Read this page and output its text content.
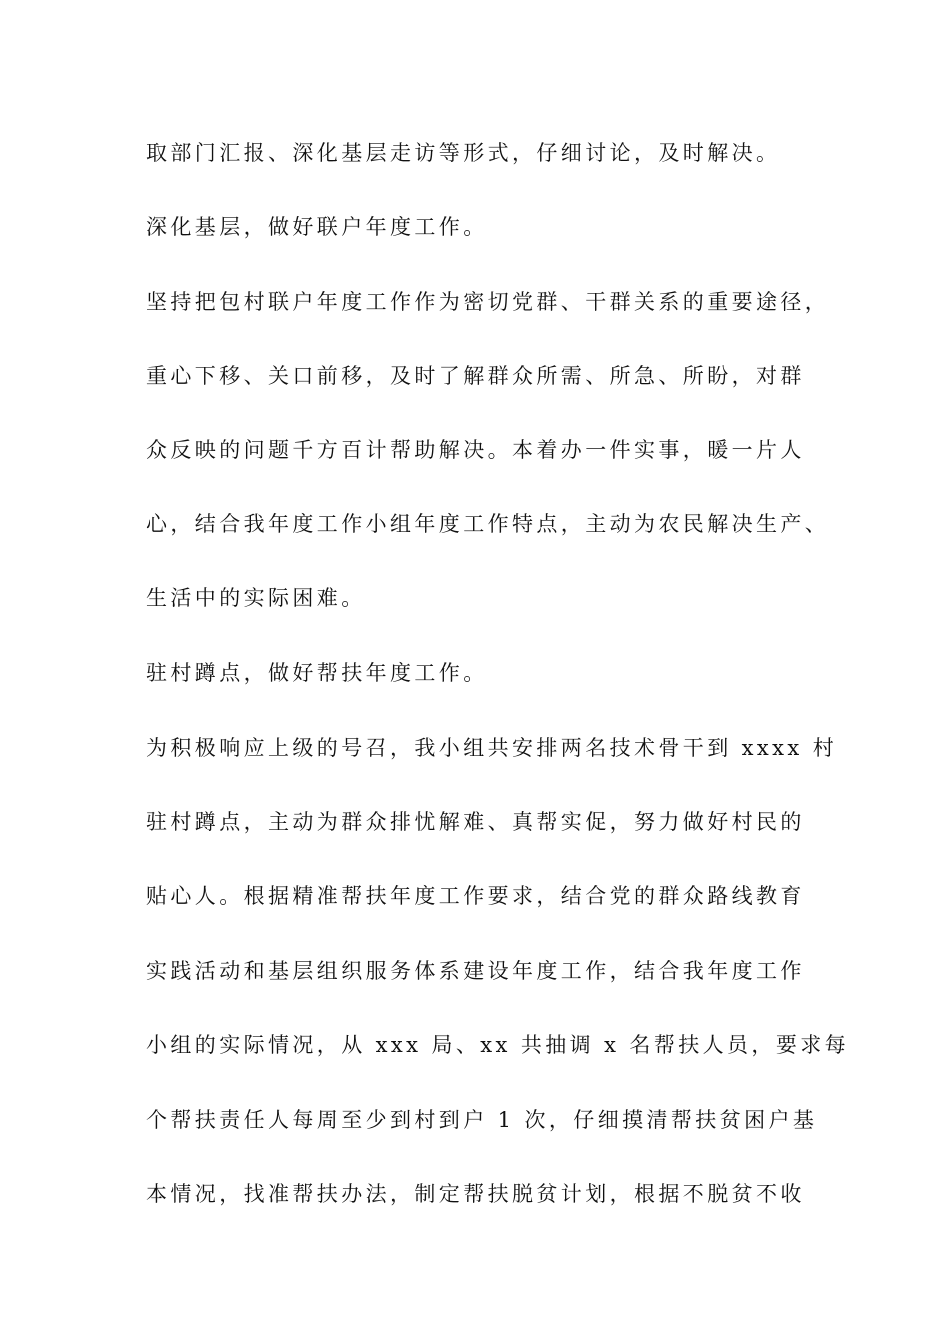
取部门汇报、深化基层走访等形式，仔细讨论，及时解决。
深化基层，做好联户年度工作。
坚持把包村联户年度工作作为密切党群、干群关系的重要途径，
重心下移、关口前移，及时了解群众所需、所急、所盼，对群
众反映的问题千方百计帮助解决。本着办一件实事，暖一片人
心，结合我年度工作小组年度工作特点，主动为农民解决生产、
生活中的实际困难。
驻村蹲点，做好帮扶年度工作。
为积极响应上级的号召，我小组共安排两名技术骨干到 xxxx 村
驻村蹲点，主动为群众排忧解难、真帮实促，努力做好村民的
贴心人。根据精准帮扶年度工作要求，结合党的群众路线教育
实践活动和基层组织服务体系建设年度工作，结合我年度工作
小组的实际情况，从 xxx 局、xx 共抽调 x 名帮扶人员，要求每
个帮扶责任人每周至少到村到户 1 次，仔细摸清帮扶贫困户基
本情况，找准帮扶办法，制定帮扶脱贫计划，根据不脱贫不收
